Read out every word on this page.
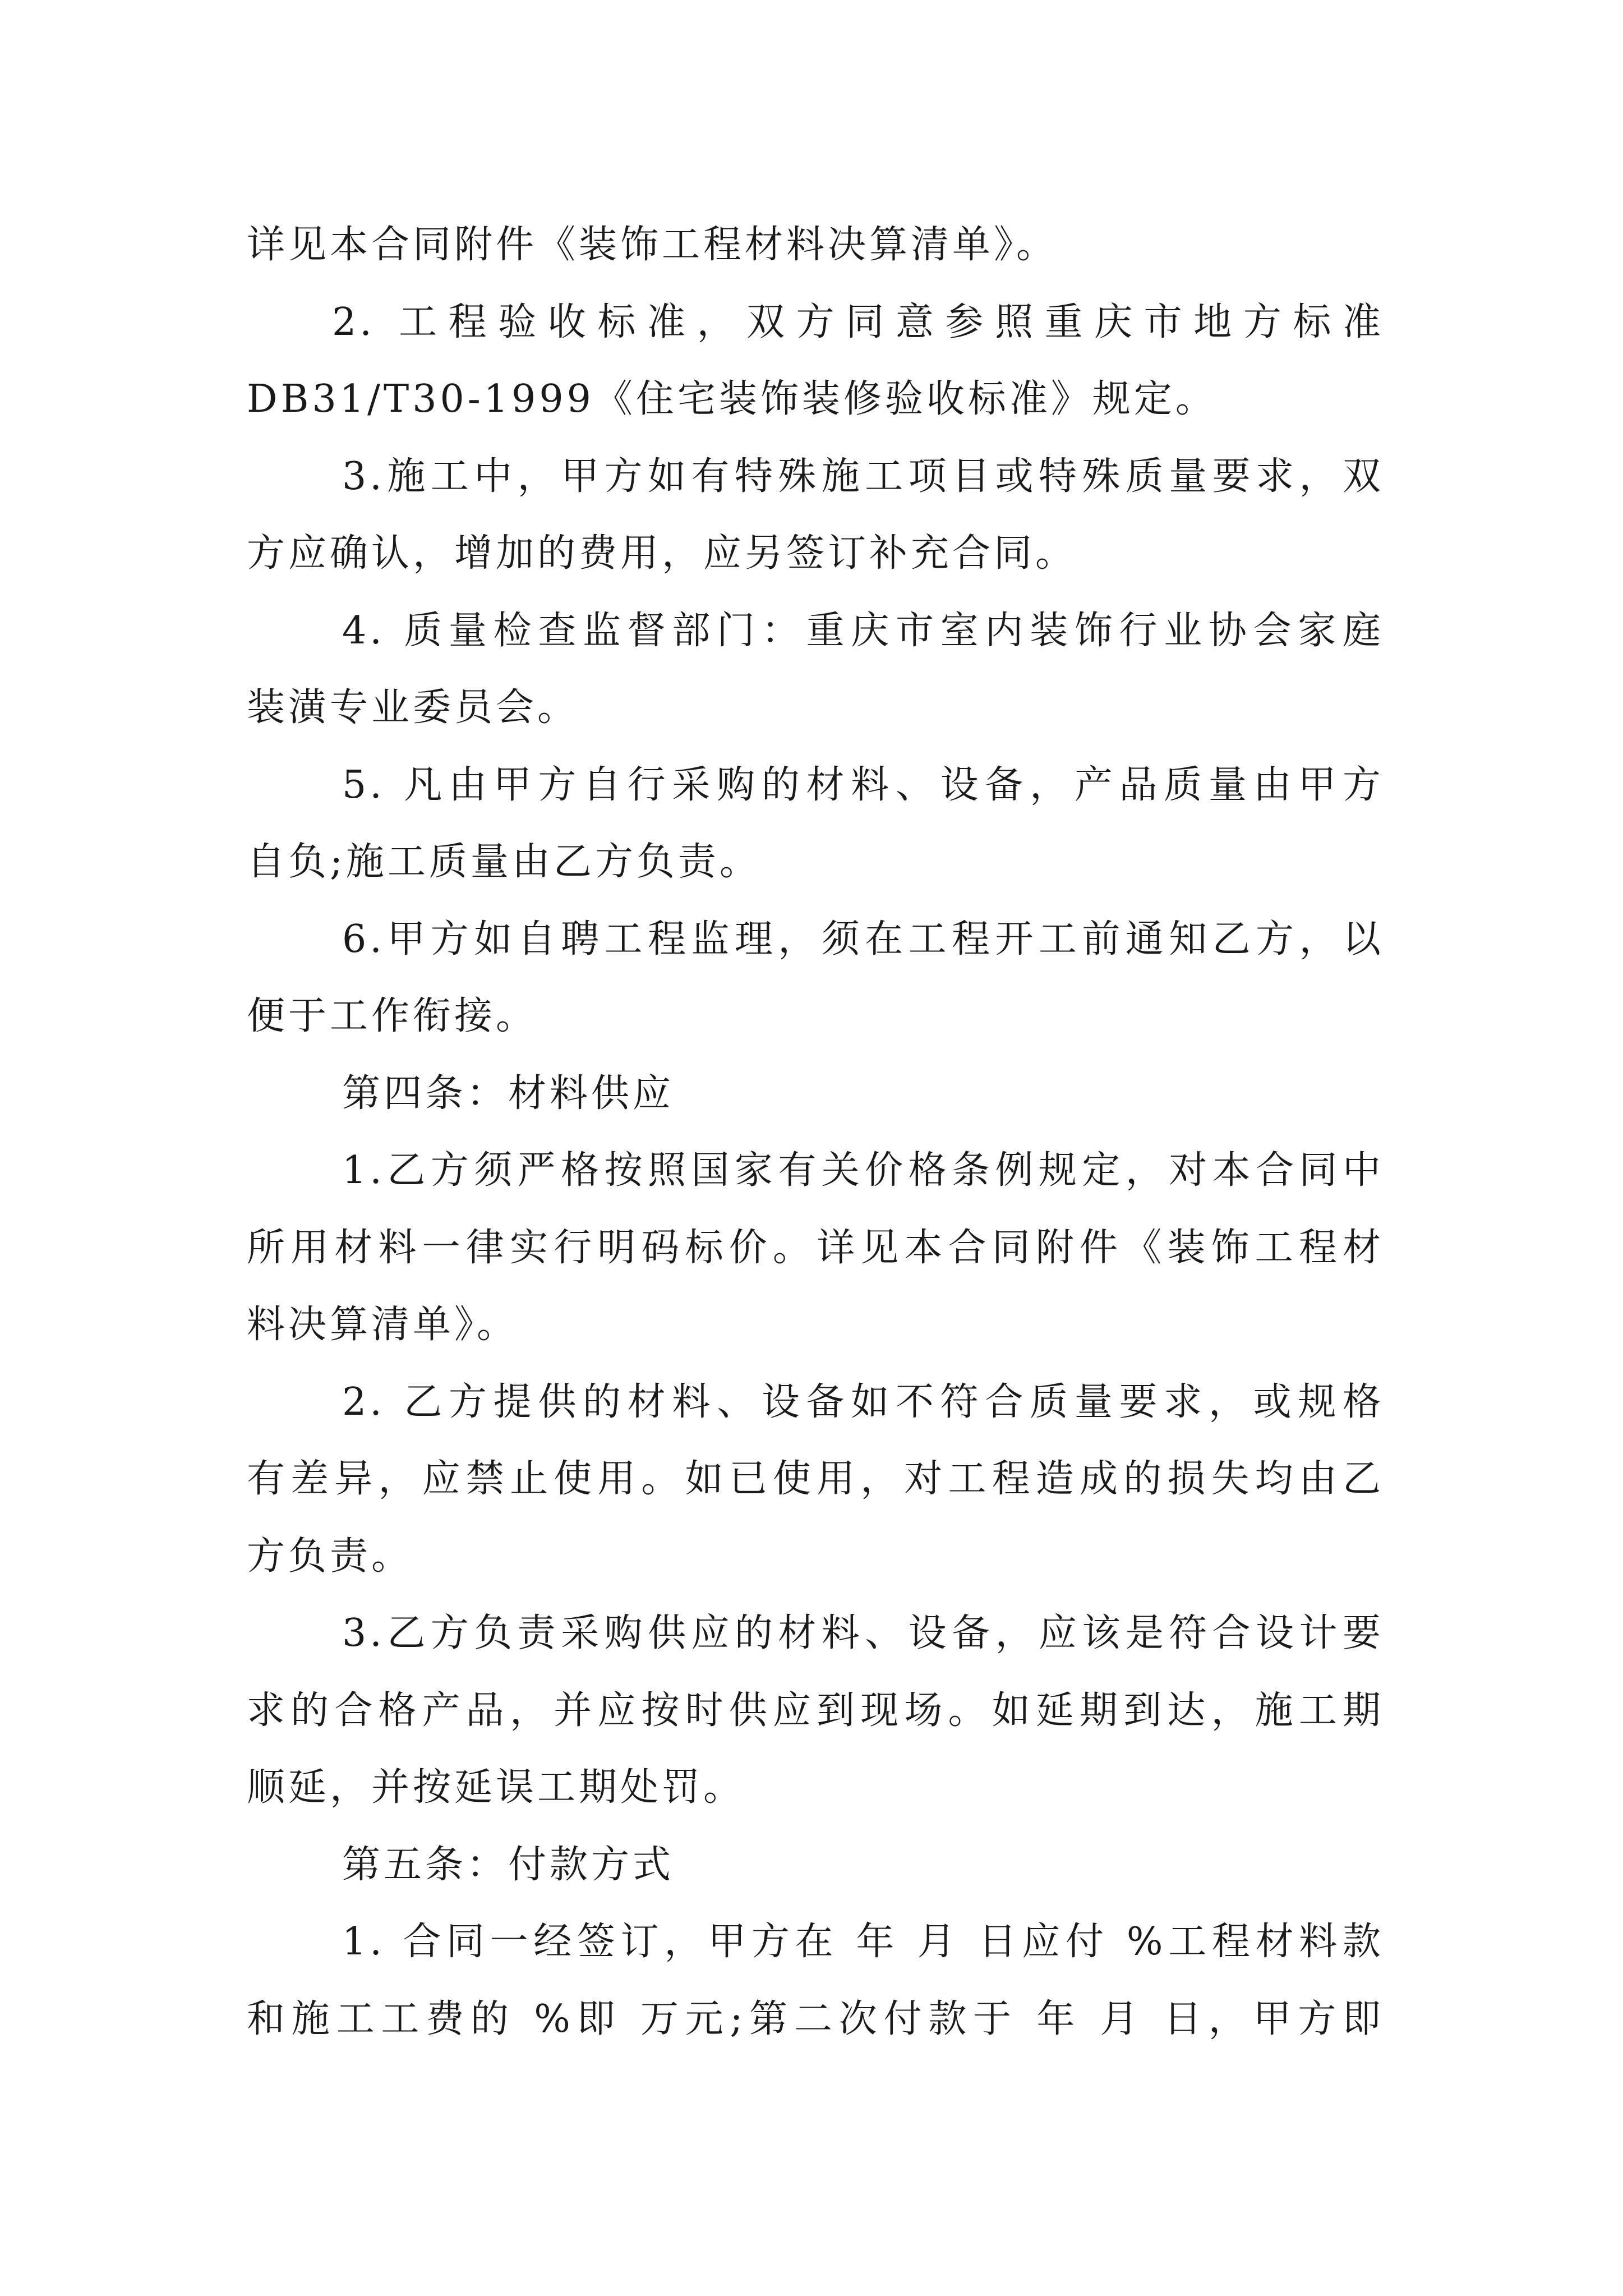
详见本合同附件《装饰工程材料决算清单》。
2. 工程验收标准，双方同意参照重庆市地方标准
DB31/T30-1999《住宅装饰装修验收标准》规定。
3.施工中，甲方如有特殊施工项目或特殊质量要求，双
方应确认，增加的费用，应另签订补充合同。
4. 质量检查监督部门：重庆市室内装饰行业协会家庭
装潢专业委员会。
5. 凡由甲方自行采购的材料、设备，产品质量由甲方
自负;施工质量由乙方负责。
6.甲方如自聘工程监理，须在工程开工前通知乙方，以
便于工作衔接。
第四条：材料供应
1.乙方须严格按照国家有关价格条例规定，对本合同中
所用材料一律实行明码标价。详见本合同附件《装饰工程材
料决算清单》。
2. 乙方提供的材料、设备如不符合质量要求，或规格
有差异，应禁止使用。如已使用，对工程造成的损失均由乙
方负责。
3.乙方负责采购供应的材料、设备，应该是符合设计要
求的合格产品，并应按时供应到现场。如延期到达，施工期
顺延，并按延误工期处罚。
第五条：付款方式
1. 合同一经签订，甲方在 年 月 日应付 %工程材料款
和施工工费的 %即 万元;第二次付款于 年 月 日，甲方即
